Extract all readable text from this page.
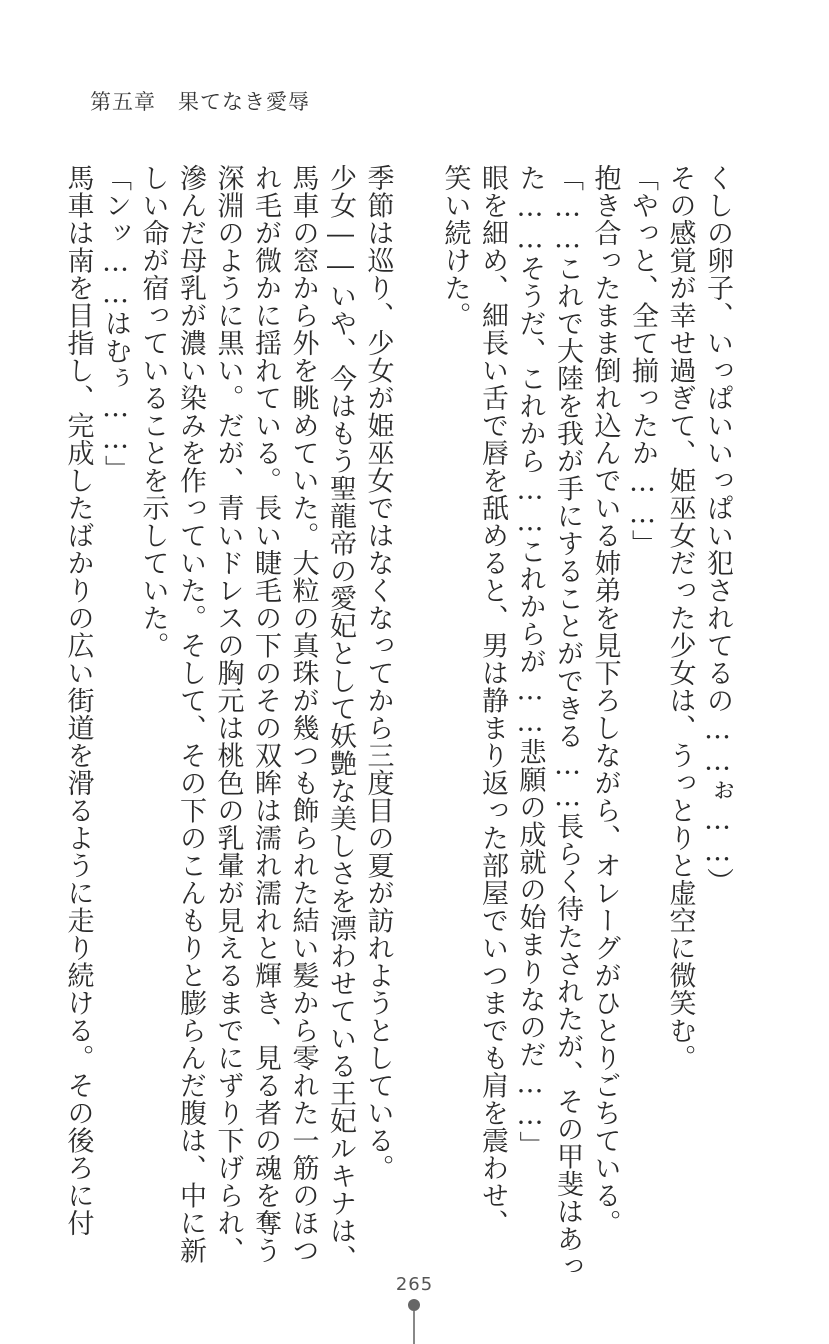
第五章　果てなき愛辱
くしの卵子、いっぱいいっぱい犯されてるの……ぉ……）
その感覚が幸せ過ぎて、姫巫女だった少女は、うっとりと虚空に微笑む。
「やっと、全て揃ったか……」
抱き合ったまま倒れ込んでいる姉弟を見下ろしながら、オレーグがひとりごちている。
「……これで大陸を我が手にすることができる……長らく待たされたが、その甲斐はあっ
た……そうだ、これから……これからが……悲願の成就の始まりなのだ……」
眼を細め、細長い舌で唇を舐めると、男は静まり返った部屋でいつまでも肩を震わせ、
笑い続けた。
季節は巡り、少女が姫巫女ではなくなってから三度目の夏が訪れようとしている。
少女――いや、今はもう聖龍帝の愛妃として妖艶な美しさを漂わせている王妃ルキナは、
馬車の窓から外を眺めていた。大粒の真珠が幾つも飾られた結い髪から零れた一筋のほつ
れ毛が微かに揺れている。長い睫毛の下のその双眸は濡れ濡れと輝き、見る者の魂を奪う
深淵のように黒い。だが、青いドレスの胸元は桃色の乳暈が見えるまでにずり下げられ、
滲んだ母乳が濃い染みを作っていた。そして、その下のこんもりと膨らんだ腹は、中に新
しい命が宿っていることを示していた。
「ンッ……はむぅ……」
馬車は南を目指し、完成したばかりの広い街道を滑るように走り続ける。その後ろに付
265
